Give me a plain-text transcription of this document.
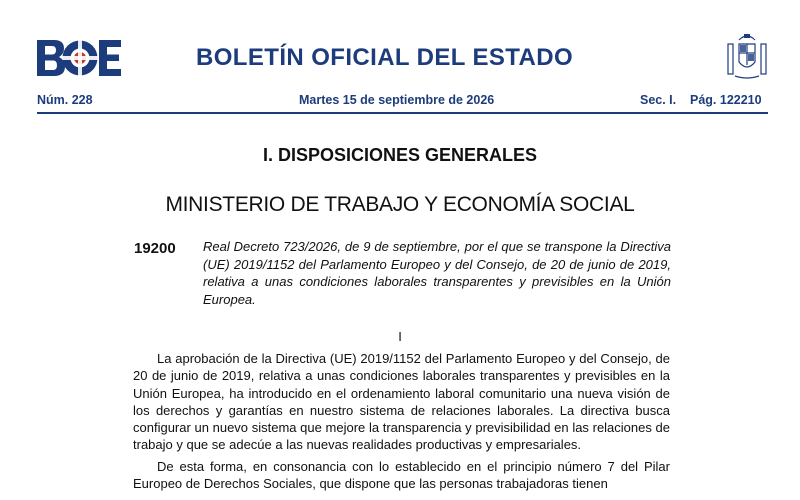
BOLETÍN OFICIAL DEL ESTADO
Núm. 228	Martes 15 de septiembre de 2026	Sec. I. Pág. 122210
I. DISPOSICIONES GENERALES
MINISTERIO DE TRABAJO Y ECONOMÍA SOCIAL
19200 Real Decreto 723/2026, de 9 de septiembre, por el que se transpone la Directiva (UE) 2019/1152 del Parlamento Europeo y del Consejo, de 20 de junio de 2019, relativa a unas condiciones laborales transparentes y previsibles en la Unión Europea.
I

La aprobación de la Directiva (UE) 2019/1152 del Parlamento Europeo y del Consejo, de 20 de junio de 2019, relativa a unas condiciones laborales transparentes y previsibles en la Unión Europea, ha introducido en el ordenamiento laboral comunitario una nueva visión de los derechos y garantías en nuestro sistema de relaciones laborales. La directiva busca configurar un nuevo sistema que mejore la transparencia y previsibilidad en las relaciones de trabajo y que se adecúe a las nuevas realidades productivas y empresariales.

De esta forma, en consonancia con lo establecido en el principio número 7 del Pilar Europeo de Derechos Sociales, que dispone que las personas trabajadoras tienen
